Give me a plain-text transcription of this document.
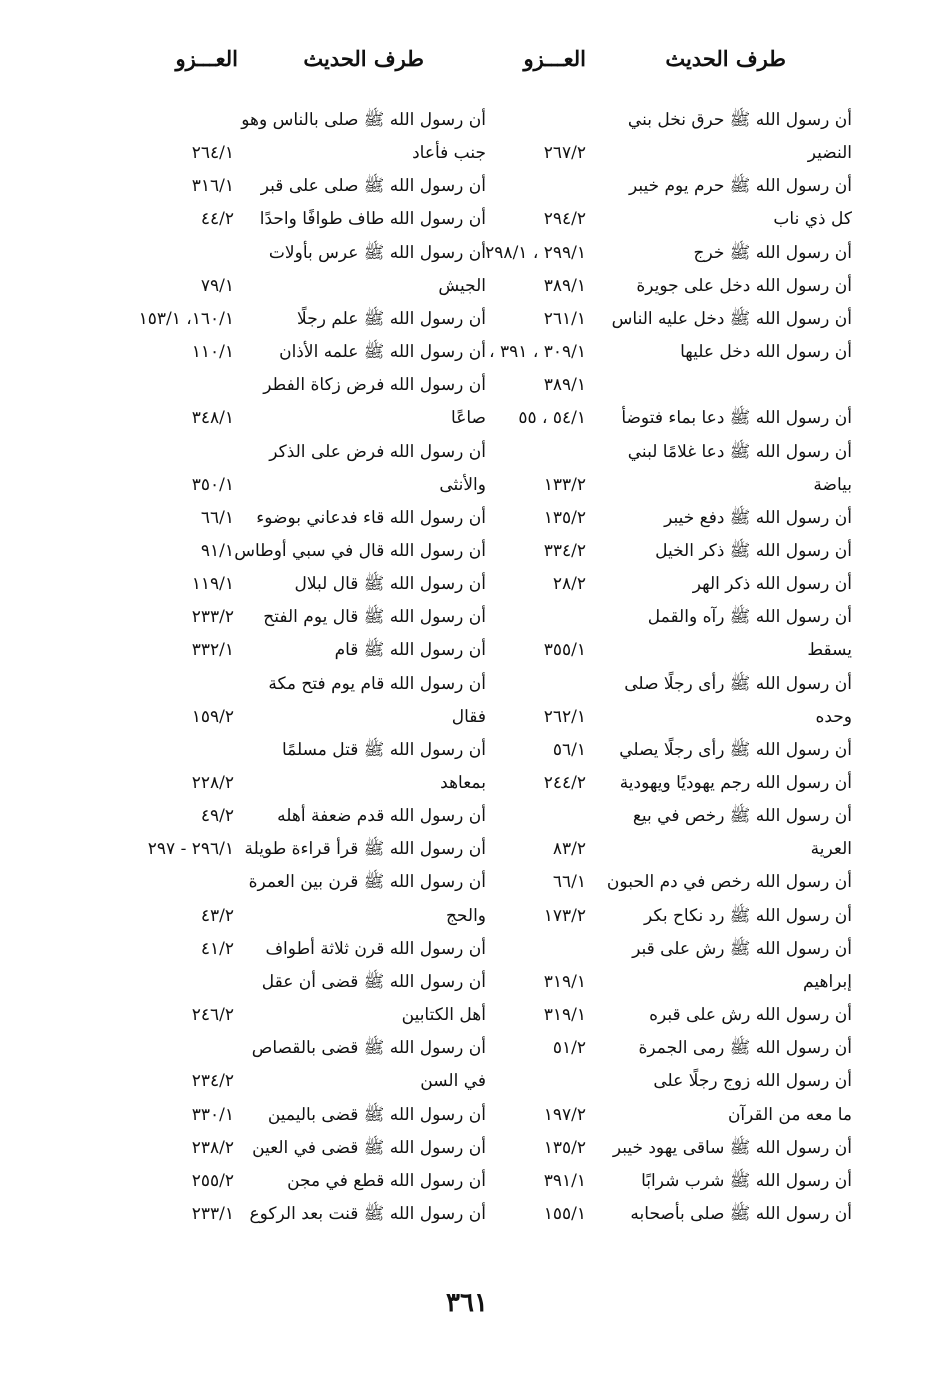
طرف الحديث
العـــزو
طرف الحديث
العـــزو
أن رسول الله ﷺ حرق نخل بني
أن رسول الله ﷺ صلى بالناس وهو
النضير
٢٦٧/٢
جنب فأعاد
٢٦٤/١
أن رسول الله ﷺ حرم يوم خيبر
أن رسول الله ﷺ صلى على قبر
٣١٦/١
كل ذي ناب
٢٩٤/٢
أن رسول الله طاف طوافًا واحدًا
٤٤/٢
أن رسول الله ﷺ خرج
٢٩٩/١ ، ٢٩٨/١
أن رسول الله ﷺ عرس بأولات
أن رسول الله دخل على جويرة
٣٨٩/١
الجيش
٧٩/١
أن رسول الله ﷺ دخل عليه الناس
٢٦١/١
أن رسول الله ﷺ علم رجلًا
١٦٠/١، ١٥٣/١
أن رسول الله دخل عليها
٣٠٩/١ ، ٣٩١ ،
أن رسول الله ﷺ علمه الأذان
١١٠/١
٣٨٩/١
أن رسول الله فرض زكاة الفطر
أن رسول الله ﷺ دعا بماء فتوضأ
٥٤/١ ، ٥٥
صاعًا
٣٤٨/١
أن رسول الله ﷺ دعا غلامًا لبني
أن رسول الله فرض على الذكر
بياضة
١٣٣/٢
والأنثى
٣٥٠/١
أن رسول الله ﷺ دفع خيبر
١٣٥/٢
أن رسول الله قاء فدعاني بوضوء
٦٦/١
أن رسول الله ﷺ ذكر الخيل
٣٣٤/٢
أن رسول الله قال في سبي أوطاس
٩١/١
أن رسول الله ذكر الهر
٢٨/٢
أن رسول الله ﷺ قال لبلال
١١٩/١
أن رسول الله ﷺ رآه والقمل
أن رسول الله ﷺ قال يوم الفتح
٢٣٣/٢
يسقط
٣٥٥/١
أن رسول الله ﷺ قام
٣٣٢/١
أن رسول الله ﷺ رأى رجلًا صلى
أن رسول الله قام يوم فتح مكة
وحده
٢٦٢/١
فقال
١٥٩/٢
أن رسول الله ﷺ رأى رجلًا يصلي
٥٦/١
أن رسول الله ﷺ قتل مسلمًا
أن رسول الله رجم يهوديًا ويهودية
٢٤٤/٢
بمعاهد
٢٢٨/٢
أن رسول الله ﷺ رخص في بيع
أن رسول الله قدم ضعفة أهله
٤٩/٢
العرية
٨٣/٢
أن رسول الله ﷺ قرأ قراءة طويلة
٢٩٦/١ - ٢٩٧
أن رسول الله رخص في دم الحبون
٦٦/١
أن رسول الله ﷺ قرن بين العمرة
أن رسول الله ﷺ رد نكاح بكر
١٧٣/٢
والحج
٤٣/٢
أن رسول الله ﷺ رش على قبر
أن رسول الله قرن ثلاثة أطواف
٤١/٢
إبراهيم
٣١٩/١
أن رسول الله ﷺ قضى أن عقل
أن رسول الله رش على قبره
٣١٩/١
أهل الكتابين
٢٤٦/٢
أن رسول الله ﷺ رمى الجمرة
٥١/٢
أن رسول الله ﷺ قضى بالقصاص
أن رسول الله زوج رجلًا على
في السن
٢٣٤/٢
ما معه من القرآن
١٩٧/٢
أن رسول الله ﷺ قضى باليمين
٣٣٠/١
أن رسول الله ﷺ ساقى يهود خيبر
١٣٥/٢
أن رسول الله ﷺ قضى في العين
٢٣٨/٢
أن رسول الله ﷺ شرب شرابًا
٣٩١/١
أن رسول الله قطع في مجن
٢٥٥/٢
أن رسول الله ﷺ صلى بأصحابه
١٥٥/١
أن رسول الله ﷺ قنت بعد الركوع
٢٣٣/١
٣٦١
